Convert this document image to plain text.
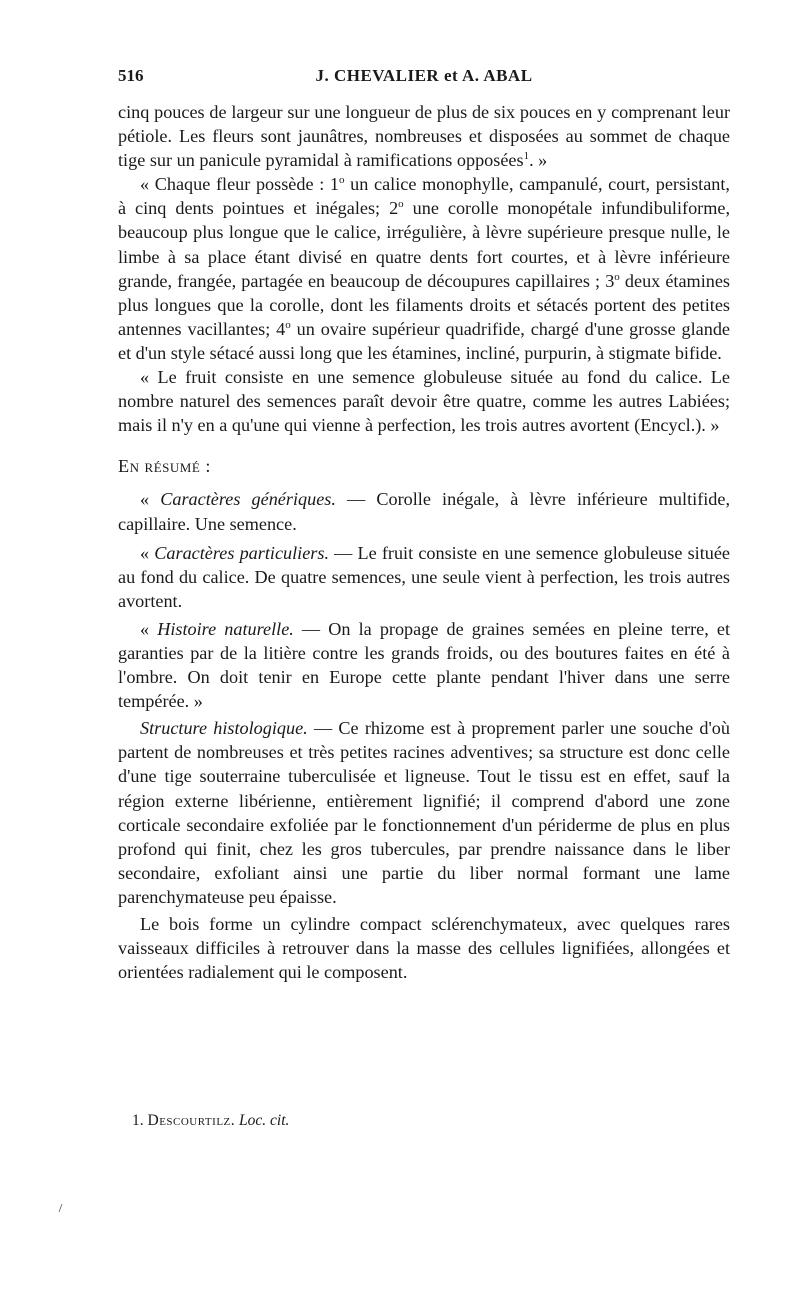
516	J. CHEVALIER et A. ABAL

cinq pouces de largeur sur une longueur de plus de six pouces en y comprenant leur pétiole. Les fleurs sont jaunâtres, nombreuses et disposées au sommet de chaque tige sur un panicule pyramidal à ramifications opposées$^1$. »

« Chaque fleur possède : 1$^o$ un calice monophylle, campanulé, court, persistant, à cinq dents pointues et inégales; 2$^o$ une corolle monopétale infundibuliforme, beaucoup plus longue que le calice, irrégulière, à lèvre supérieure presque nulle, le limbe à sa place étant divisé en quatre dents fort courtes, et à lèvre inférieure grande, frangée, partagée en beaucoup de découpures capillaires ; 3$^o$ deux étamines plus longues que la corolle, dont les filaments droits et sétacés portent des petites antennes vacillantes; 4$^o$ un ovaire supérieur quadrifide, chargé d'une grosse glande et d'un style sétacé aussi long que les étamines, incliné, purpurin, à stigmate bifide.

« Le fruit consiste en une semence globuleuse située au fond du calice. Le nombre naturel des semences paraît devoir être quatre, comme les autres Labiées; mais il n'y en a qu'une qui vienne à perfection, les trois autres avortent (Encycl.). »

En résumé :

« Caractères génériques. — Corolle inégale, à lèvre inférieure multifide, capillaire. Une semence.

« Caractères particuliers. — Le fruit consiste en une semence globuleuse située au fond du calice. De quatre semences, une seule vient à perfection, les trois autres avortent.

« Histoire naturelle. — On la propage de graines semées en pleine terre, et garanties par de la litière contre les grands froids, ou des boutures faites en été à l'ombre. On doit tenir en Europe cette plante pendant l'hiver dans une serre tempérée. »

Structure histologique. — Ce rhizome est à proprement parler une souche d'où partent de nombreuses et très petites racines adventives; sa structure est donc celle d'une tige souterraine tuberculisée et ligneuse. Tout le tissu est en effet, sauf la région externe libérienne, entièrement lignifié; il comprend d'abord une zone corticale secondaire exfoliée par le fonctionnement d'un périderme de plus en plus profond qui finit, chez les gros tubercules, par prendre naissance dans le liber secondaire, exfoliant ainsi une partie du liber normal formant une lame parenchymateuse peu épaisse.

Le bois forme un cylindre compact sclérenchymateux, avec quelques rares vaisseaux difficiles à retrouver dans la masse des cellules lignifiées, allongées et orientées radialement qui le composent.

1. Descourtilz. Loc. cit.
